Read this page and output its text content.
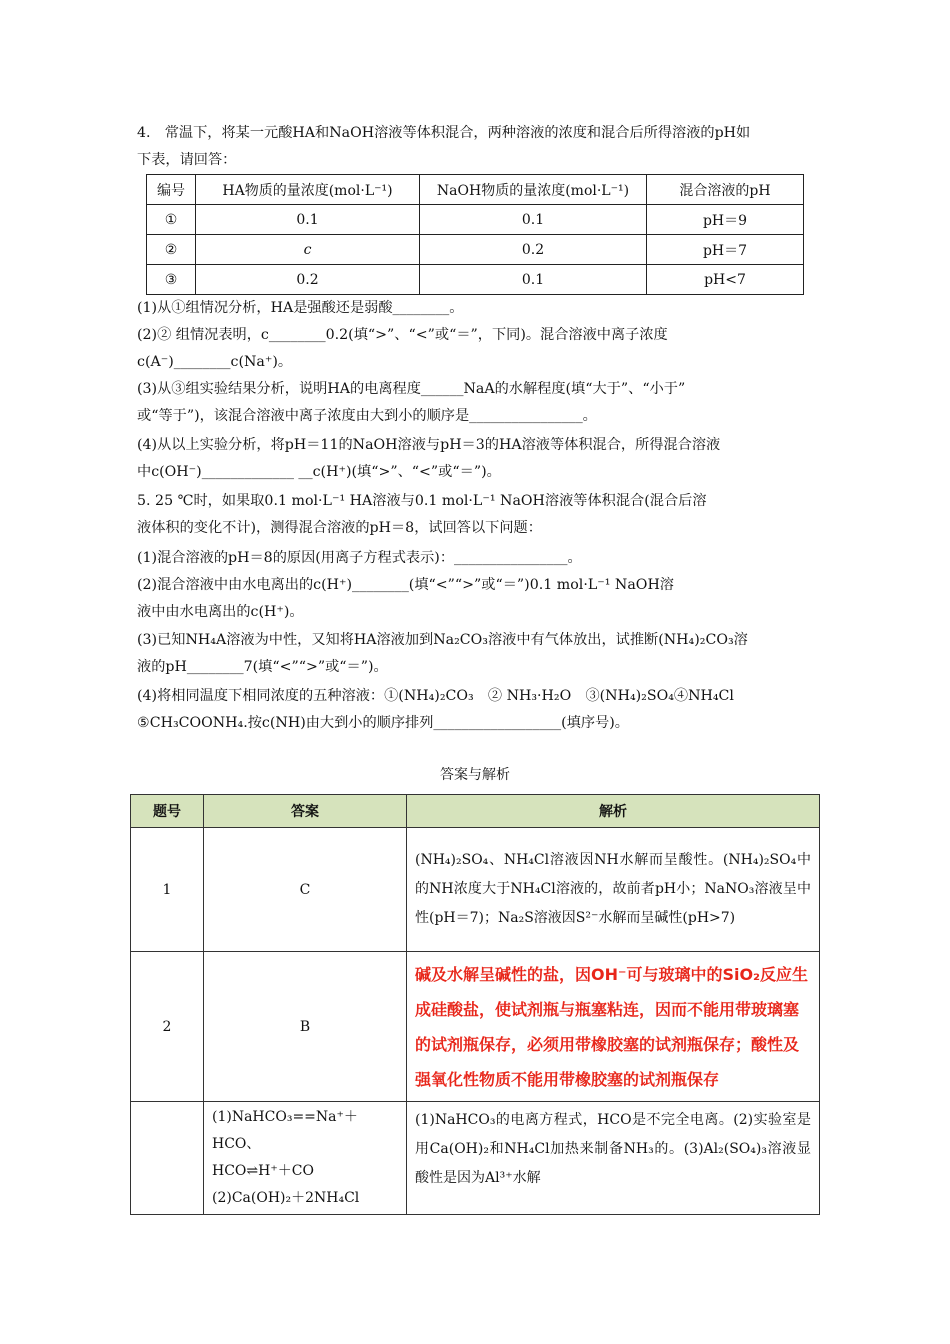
4.　常温下，将某一元酸HA和NaOH溶液等体积混合，两种溶液的浓度和混合后所得溶液的pH如
下表，请回答：
编号	HA物质的量浓度(mol·L⁻¹)	NaOH物质的量浓度(mol·L⁻¹)	混合溶液的pH
①	0.1	0.1	pH＝9
②	c	0.2	pH＝7
③	0.2	0.1	pH<7
(1)从①组情况分析，HA是强酸还是弱酸________。
(2)② 组情况表明，c________0.2(填“>”、“<”或“＝”，下同)。混合溶液中离子浓度
c(A⁻)________c(Na⁺)。
(3)从③组实验结果分析，说明HA的电离程度______NaA的水解程度(填“大于”、“小于”
或“等于”)，该混合溶液中离子浓度由大到小的顺序是________________。
(4)从以上实验分析，将pH＝11的NaOH溶液与pH＝3的HA溶液等体积混合，所得混合溶液
中c(OH⁻)_____________ __c(H⁺)(填“>”、“<”或“＝”)。
5. 25 ℃时，如果取0.1 mol·L⁻¹ HA溶液与0.1 mol·L⁻¹ NaOH溶液等体积混合(混合后溶
液体积的变化不计)，测得混合溶液的pH＝8，试回答以下问题：
(1)混合溶液的pH＝8的原因(用离子方程式表示)：________________。
(2)混合溶液中由水电离出的c(H⁺)________(填“<”“>”或“＝”)0.1 mol·L⁻¹ NaOH溶
液中由水电离出的c(H⁺)。
(3)已知NH₄A溶液为中性，又知将HA溶液加到Na₂CO₃溶液中有气体放出，试推断(NH₄)₂CO₃溶
液的pH________7(填“<”“>”或“＝”)。
(4)将相同温度下相同浓度的五种溶液：①(NH₄)₂CO₃　② NH₃·H₂O　③(NH₄)₂SO₄④NH₄Cl
⑤CH₃COONH₄.按c(NH)由大到小的顺序排列__________________(填序号)。
答案与解析
题号	答案	解析
1	C	(NH₄)₂SO₄、NH₄Cl溶液因NH水解而呈酸性。(NH₄)₂SO₄中的NH浓度大于NH₄Cl溶液的，故前者pH小；NaNO₃溶液呈中性(pH＝7)；Na₂S溶液因S²⁻水解而呈碱性(pH>7)
2	B	碱及水解呈碱性的盐，因OH⁻可与玻璃中的SiO₂反应生成硅酸盐，使试剂瓶与瓶塞粘连，因而不能用带玻璃塞的试剂瓶保存，必须用带橡胶塞的试剂瓶保存；酸性及强氧化性物质不能用带橡胶塞的试剂瓶保存

	(1)NaHCO₃==Na⁺＋
HCO、
HCO⇌H⁺＋CO
(2)Ca(OH)₂＋2NH₄Cl	(1)NaHCO₃的电离方程式，HCO是不完全电离。(2)实验室是用Ca(OH)₂和NH₄Cl加热来制备NH₃的。(3)Al₂(SO₄)₃溶液显酸性是因为Al³⁺水解
